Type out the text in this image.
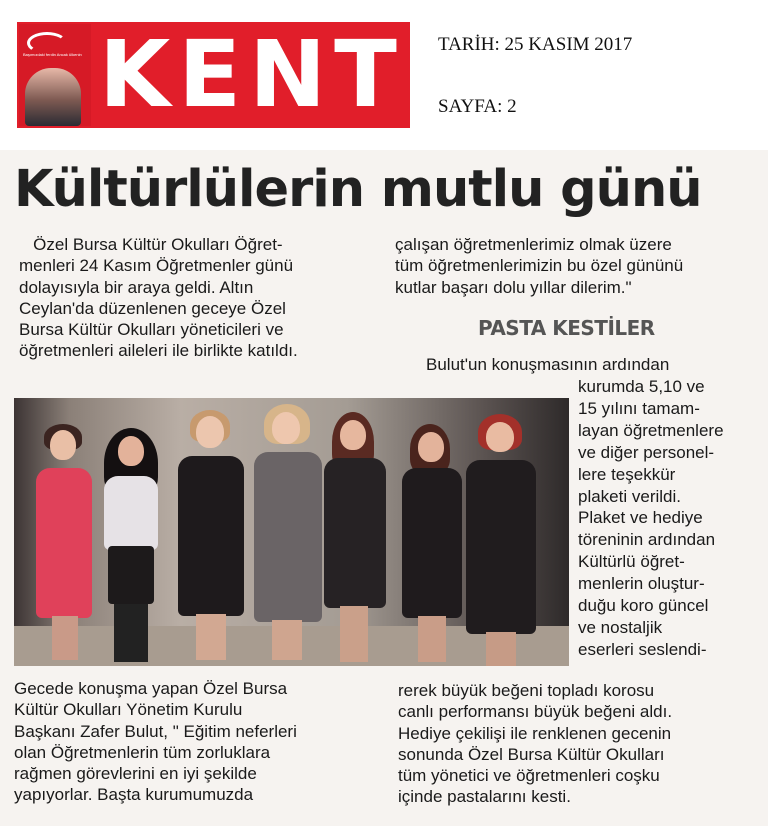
Başımızdaki ferdin Ancak ülkenin KENT TARİH: 25 KASIM 2017
SAYFA: 2
Kültürlülerin mutlu günü
Özel Bursa Kültür Okulları Öğret-
menleri 24 Kasım Öğretmenler günü
dolayısıyla bir araya geldi. Altın
Ceylan'da düzenlenen geceye Özel
Bursa Kültür Okulları yöneticileri ve
öğretmenleri aileleri ile birlikte katıldı.
çalışan öğretmenlerimiz olmak üzere
tüm öğretmenlerimizin bu özel gününü
kutlar başarı dolu yıllar dilerim."
PASTA KESTİLER
Bulut'un konuşmasının ardından
kurumda 5,10 ve
15 yılını tamam-
layan öğretmenlere
ve diğer personel-
lere teşekkür
plaketi verildi.
Plaket ve hediye
töreninin ardından
Kültürlü öğret-
menlerin oluştur-
duğu koro güncel
ve nostaljik
eserleri seslendi-
Gecede konuşma yapan Özel Bursa
Kültür Okulları Yönetim Kurulu
Başkanı Zafer Bulut, " Eğitim neferleri
olan Öğretmenlerin tüm zorluklara
rağmen görevlerini en iyi şekilde
yapıyorlar. Başta kurumumuzda
rerek büyük beğeni topladı korosu
canlı performansı büyük beğeni aldı.
Hediye çekilişi ile renklenen gecenin
sonunda Özel Bursa Kültür Okulları
tüm yönetici ve öğretmenleri coşku
içinde pastalarını kesti.
